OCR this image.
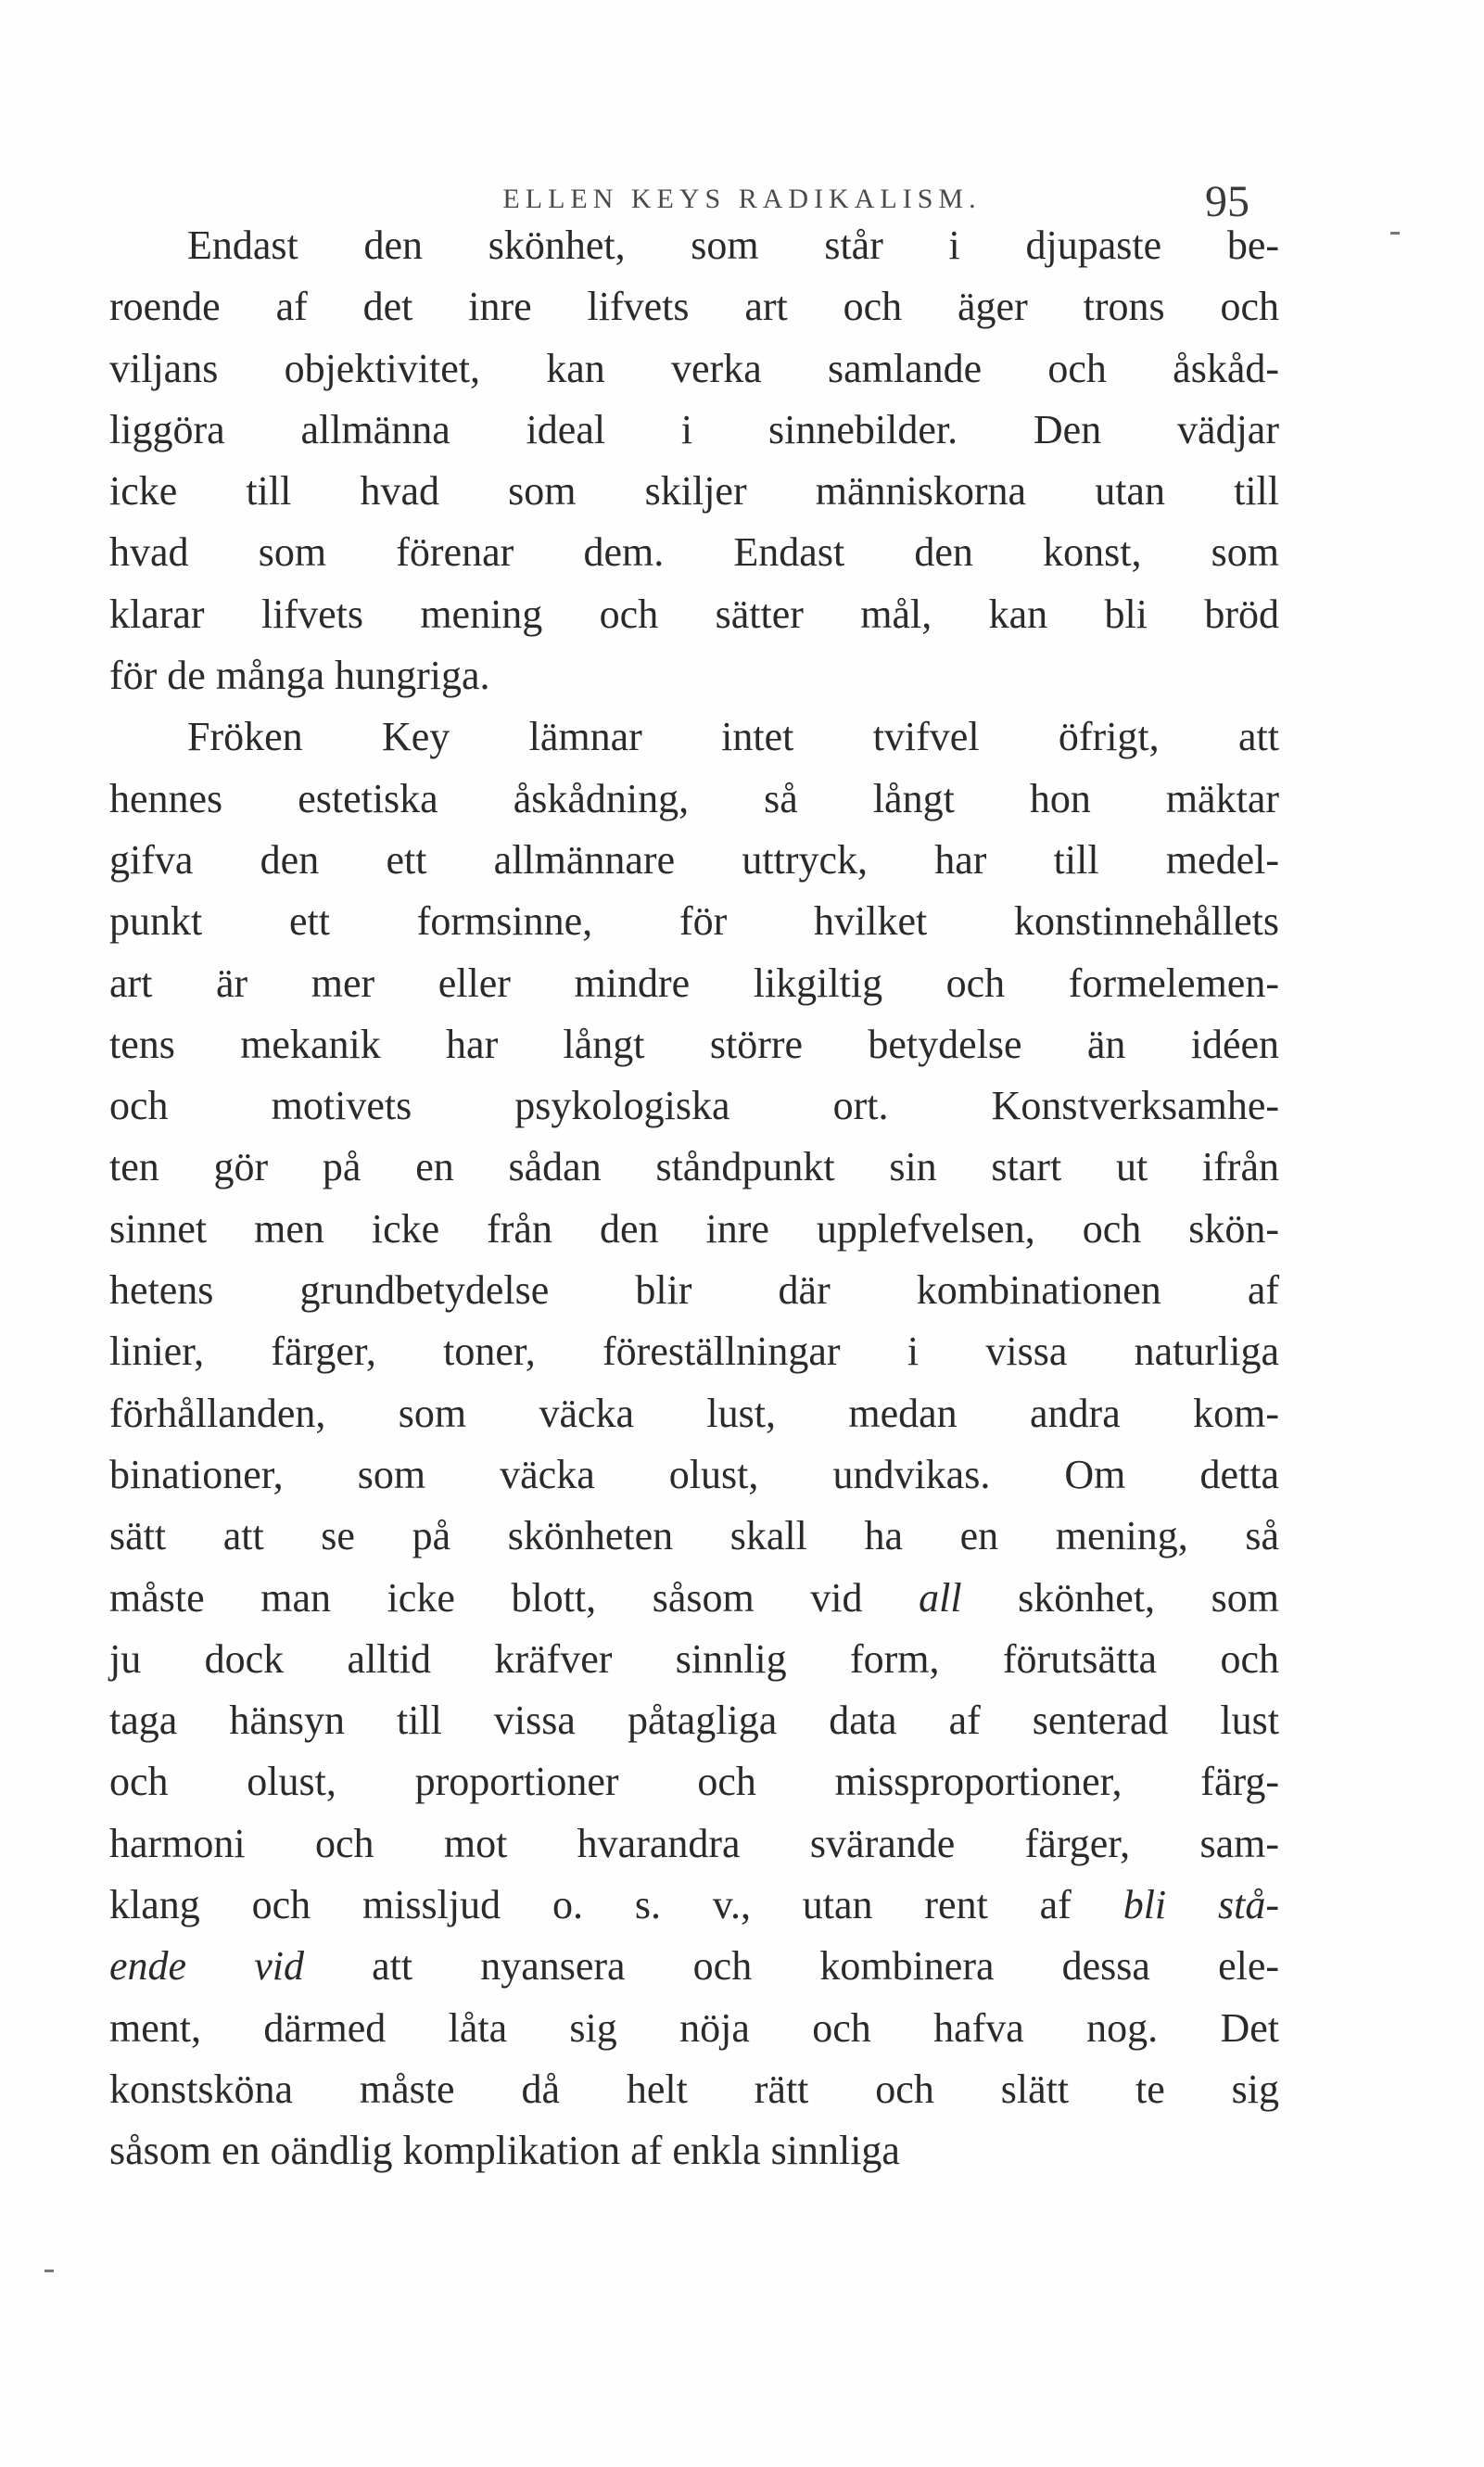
ELLEN KEYS RADIKALISM.	95
Endast den skönhet, som står i djupaste be-
roende af det inre lifvets art och äger trons och
viljans objektivitet, kan verka samlande och åskåd-
liggöra allmänna ideal i sinnebilder. Den vädjar
icke till hvad som skiljer människorna utan till
hvad som förenar dem. Endast den konst, som
klarar lifvets mening och sätter mål, kan bli bröd
för de många hungriga.
Fröken Key lämnar intet tvifvel öfrigt, att
hennes estetiska åskådning, så långt hon mäktar
gifva den ett allmännare uttryck, har till medel-
punkt ett formsinne, för hvilket konstinnehållets
art är mer eller mindre likgiltig och formelemen-
tens mekanik har långt större betydelse än idéen
och motivets psykologiska ort. Konstverksamhe-
ten gör på en sådan ståndpunkt sin start ut ifrån
sinnet men icke från den inre upplefvelsen, och skön-
hetens grundbetydelse blir där kombinationen af
linier, färger, toner, föreställningar i vissa naturliga
förhållanden, som väcka lust, medan andra kom-
binationer, som väcka olust, undvikas. Om detta
sätt att se på skönheten skall ha en mening, så
måste man icke blott, såsom vid all skönhet, som
ju dock alltid kräfver sinnlig form, förutsätta och
taga hänsyn till vissa påtagliga data af senterad lust
och olust, proportioner och missproportioner, färg-
harmoni och mot hvarandra svärande färger, sam-
klang och missljud o. s. v., utan rent af bli stå-
ende vid att nyansera och kombinera dessa ele-
ment, därmed låta sig nöja och hafva nog. Det
konstsköna måste då helt rätt och slätt te sig
såsom en oändlig komplikation af enkla sinnliga
